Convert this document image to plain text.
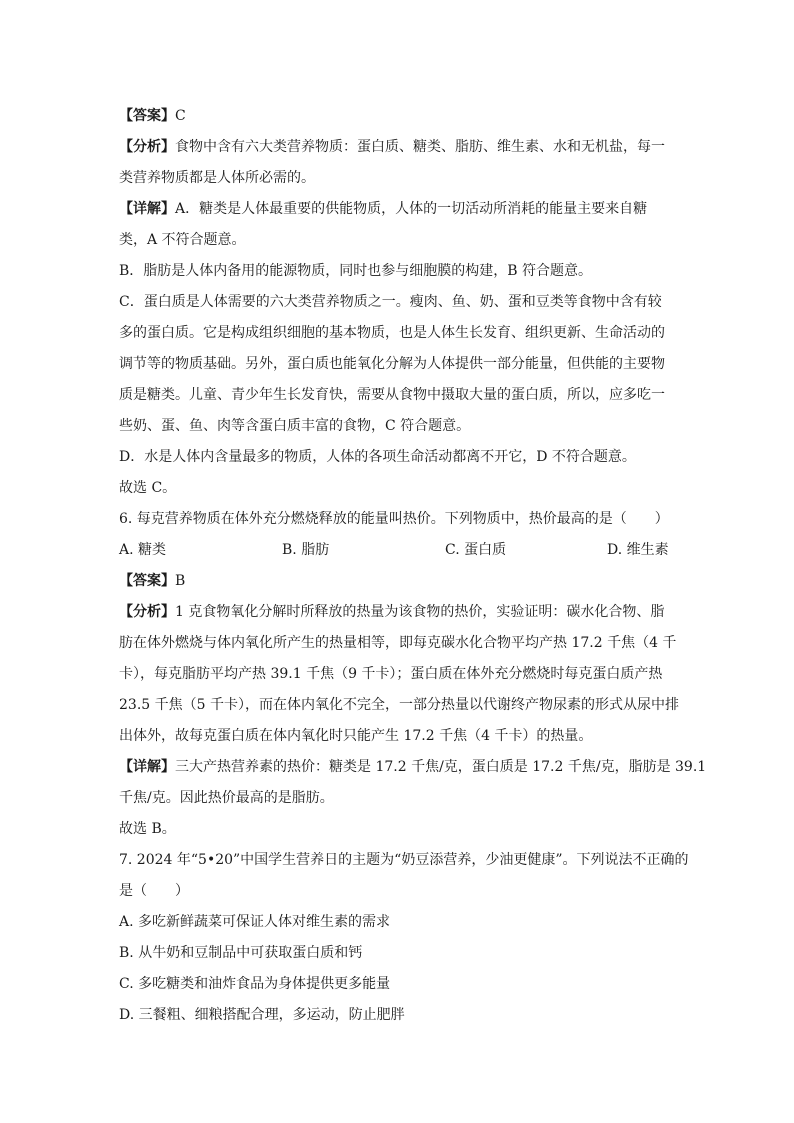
【答案】C
【分析】食物中含有六大类营养物质：蛋白质、糖类、脂肪、维生素、水和无机盐，每一
类营养物质都是人体所必需的。
【详解】A．糖类是人体最重要的供能物质，人体的一切活动所消耗的能量主要来自糖
类，A 不符合题意。
B．脂肪是人体内备用的能源物质，同时也参与细胞膜的构建，B 符合题意。
C．蛋白质是人体需要的六大类营养物质之一。瘦肉、鱼、奶、蛋和豆类等食物中含有较
多的蛋白质。它是构成组织细胞的基本物质，也是人体生长发育、组织更新、生命活动的
调节等的物质基础。另外，蛋白质也能氧化分解为人体提供一部分能量，但供能的主要物
质是糖类。儿童、青少年生长发育快，需要从食物中摄取大量的蛋白质，所以，应多吃一
些奶、蛋、鱼、肉等含蛋白质丰富的食物，C 符合题意。
D．水是人体内含量最多的物质，人体的各项生命活动都离不开它，D 不符合题意。
故选 C。
6. 每克营养物质在体外充分燃烧释放的能量叫热价。下列物质中，热价最高的是（　　）
A. 糖类	B. 脂肪	C. 蛋白质	D. 维生素
【答案】B
【分析】1 克食物氧化分解时所释放的热量为该食物的热价，实验证明：碳水化合物、脂
肪在体外燃烧与体内氧化所产生的热量相等，即每克碳水化合物平均产热 17.2 千焦（4 千
卡），每克脂肪平均产热 39.1 千焦（9 千卡）；蛋白质在体外充分燃烧时每克蛋白质产热
23.5 千焦（5 千卡），而在体内氧化不完全，一部分热量以代谢终产物尿素的形式从尿中排
出体外，故每克蛋白质在体内氧化时只能产生 17.2 千焦（4 千卡）的热量。
【详解】三大产热营养素的热价：糖类是 17.2 千焦/克，蛋白质是 17.2 千焦/克，脂肪是 39.1
千焦/克。因此热价最高的是脂肪。
故选 B。
7. 2024 年“5•20”中国学生营养日的主题为“奶豆添营养，少油更健康”。下列说法不正确的
是（　　）
A. 多吃新鲜蔬菜可保证人体对维生素的需求
B. 从牛奶和豆制品中可获取蛋白质和钙
C. 多吃糖类和油炸食品为身体提供更多能量
D. 三餐粗、细粮搭配合理，多运动，防止肥胖
